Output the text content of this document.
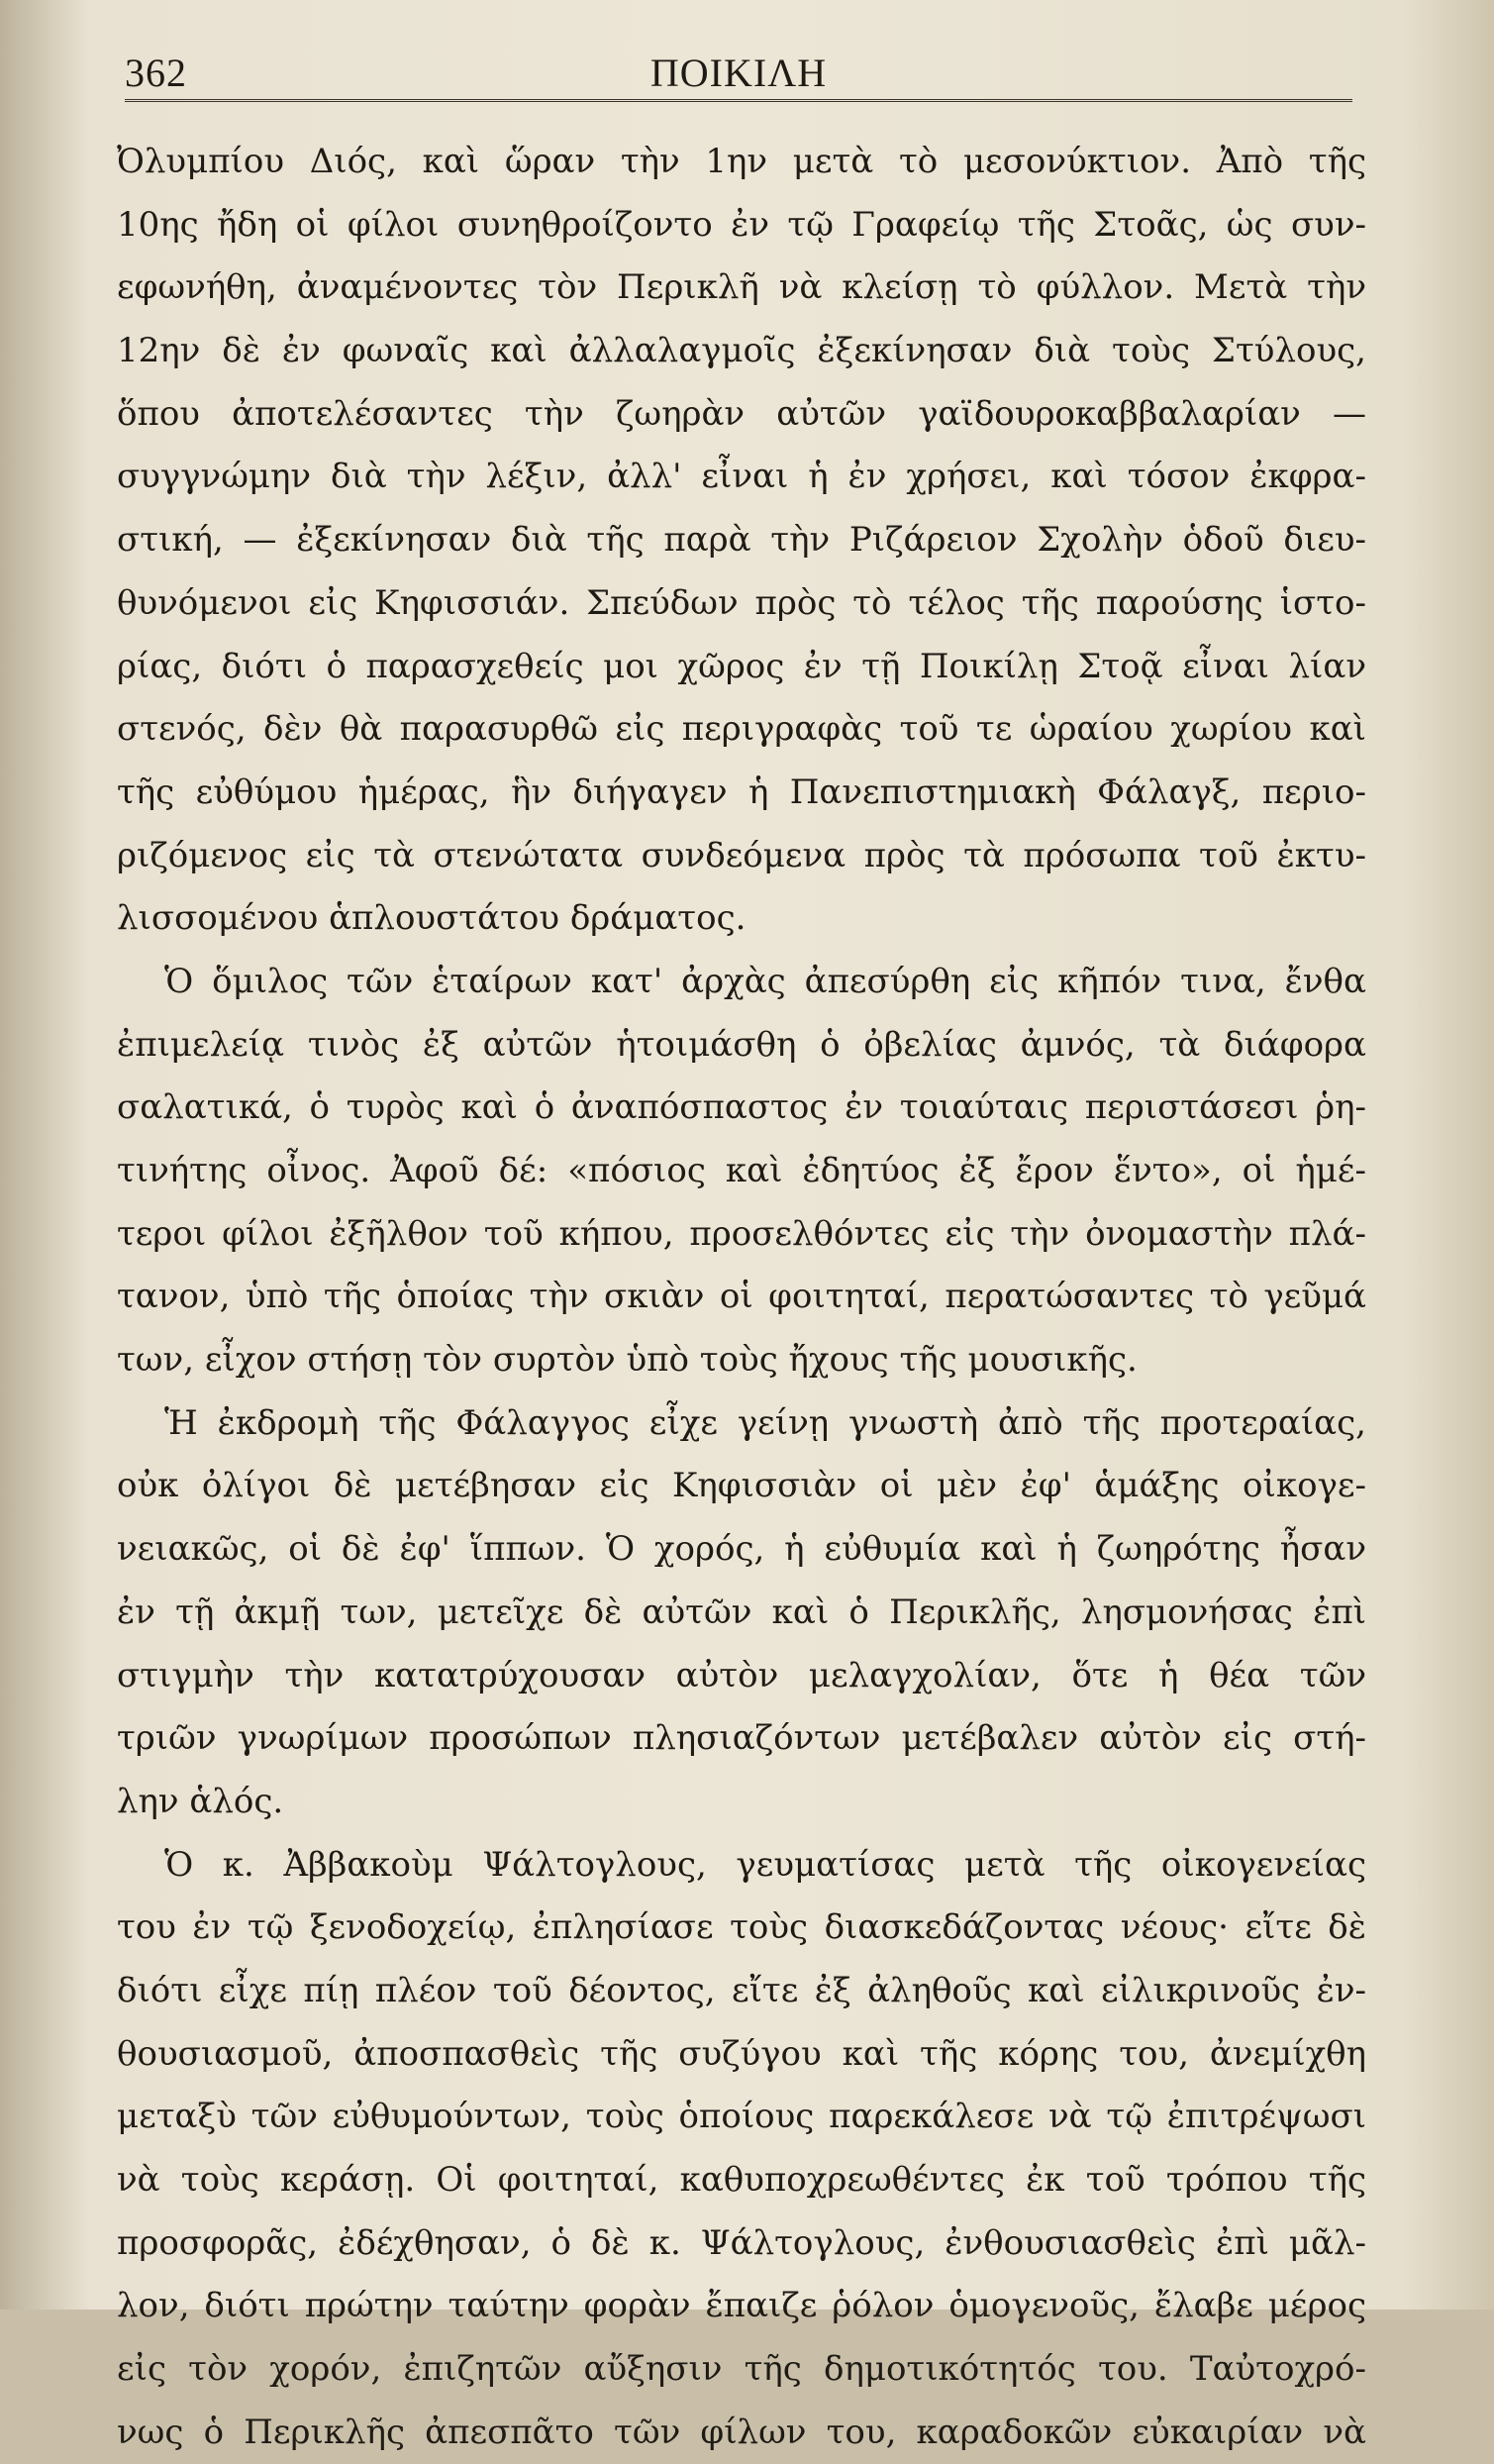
362	ΠΟΙΚΙΛΗ
Ὀλυμπίου Διός, καὶ ὥραν τὴν 1ην μετὰ τὸ μεσονύκτιον. Ἀπὸ τῆς
10ης ἤδη οἱ φίλοι συνηθροίζοντο ἐν τῷ Γραφείῳ τῆς Στοᾶς, ὡς συν-
εφωνήθη, ἀναμένοντες τὸν Περικλῆ νὰ κλείσῃ τὸ φύλλον. Μετὰ τὴν
12ην δὲ ἐν φωναῖς καὶ ἀλλαλαγμοῖς ἐξεκίνησαν διὰ τοὺς Στύλους,
ὅπου ἀποτελέσαντες τὴν ζωηρὰν αὐτῶν γαϊδουροκαββαλαρίαν —
συγγνώμην διὰ τὴν λέξιν, ἀλλ' εἶναι ἡ ἐν χρήσει, καὶ τόσον ἐκφρα-
στική, — ἐξεκίνησαν διὰ τῆς παρὰ τὴν Ριζάρειον Σχολὴν ὁδοῦ διευ-
θυνόμενοι εἰς Κηφισσιάν. Σπεύδων πρὸς τὸ τέλος τῆς παρούσης ἱστο-
ρίας, διότι ὁ παρασχεθείς μοι χῶρος ἐν τῇ Ποικίλῃ Στοᾷ εἶναι λίαν
στενός, δὲν θὰ παρασυρθῶ εἰς περιγραφὰς τοῦ τε ὡραίου χωρίου καὶ
τῆς εὐθύμου ἡμέρας, ἣν διήγαγεν ἡ Πανεπιστημιακὴ Φάλαγξ, περιο-
ριζόμενος εἰς τὰ στενώτατα συνδεόμενα πρὸς τὰ πρόσωπα τοῦ ἐκτυ-
λισσομένου ἁπλουστάτου δράματος.
Ὁ ὅμιλος τῶν ἑταίρων κατ' ἀρχὰς ἀπεσύρθη εἰς κῆπόν τινα, ἔνθα
ἐπιμελείᾳ τινὸς ἐξ αὐτῶν ἡτοιμάσθη ὁ ὀβελίας ἀμνός, τὰ διάφορα
σαλατικά, ὁ τυρὸς καὶ ὁ ἀναπόσπαστος ἐν τοιαύταις περιστάσεσι ῥη-
τινήτης οἶνος. Ἀφοῦ δέ: «πόσιος καὶ ἐδητύος ἐξ ἔρον ἕντο», οἱ ἡμέ-
τεροι φίλοι ἐξῆλθον τοῦ κήπου, προσελθόντες εἰς τὴν ὀνομαστὴν πλά-
τανον, ὑπὸ τῆς ὁποίας τὴν σκιὰν οἱ φοιτηταί, περατώσαντες τὸ γεῦμά
των, εἶχον στήσῃ τὸν συρτὸν ὑπὸ τοὺς ἤχους τῆς μουσικῆς.
Ἡ ἐκδρομὴ τῆς Φάλαγγος εἶχε γείνῃ γνωστὴ ἀπὸ τῆς προτεραίας,
οὐκ ὀλίγοι δὲ μετέβησαν εἰς Κηφισσιὰν οἱ μὲν ἐφ' ἁμάξης οἰκογε-
νειακῶς, οἱ δὲ ἐφ' ἵππων. Ὁ χορός, ἡ εὐθυμία καὶ ἡ ζωηρότης ἦσαν
ἐν τῇ ἀκμῇ των, μετεῖχε δὲ αὐτῶν καὶ ὁ Περικλῆς, λησμονήσας ἐπὶ
στιγμὴν τὴν κατατρύχουσαν αὐτὸν μελαγχολίαν, ὅτε ἡ θέα τῶν
τριῶν γνωρίμων προσώπων πλησιαζόντων μετέβαλεν αὐτὸν εἰς στή-
λην ἁλός.
Ὁ κ. Ἀββακοὺμ Ψάλτογλους, γευματίσας μετὰ τῆς οἰκογενείας
του ἐν τῷ ξενοδοχείῳ, ἐπλησίασε τοὺς διασκεδάζοντας νέους· εἴτε δὲ
διότι εἶχε πίῃ πλέον τοῦ δέοντος, εἴτε ἐξ ἀληθοῦς καὶ εἰλικρινοῦς ἐν-
θουσιασμοῦ, ἀποσπασθεὶς τῆς συζύγου καὶ τῆς κόρης του, ἀνεμίχθη
μεταξὺ τῶν εὐθυμούντων, τοὺς ὁποίους παρεκάλεσε νὰ τῷ ἐπιτρέψωσι
νὰ τοὺς κεράσῃ. Οἱ φοιτηταί, καθυποχρεωθέντες ἐκ τοῦ τρόπου τῆς
προσφορᾶς, ἐδέχθησαν, ὁ δὲ κ. Ψάλτογλους, ἐνθουσιασθεὶς ἐπὶ μᾶλ-
λον, διότι πρώτην ταύτην φορὰν ἔπαιζε ῥόλον ὁμογενοῦς, ἔλαβε μέρος
εἰς τὸν χορόν, ἐπιζητῶν αὔξησιν τῆς δημοτικότητός του. Ταὐτοχρό-
νως ὁ Περικλῆς ἀπεσπᾶτο τῶν φίλων του, καραδοκῶν εὐκαιρίαν νὰ
